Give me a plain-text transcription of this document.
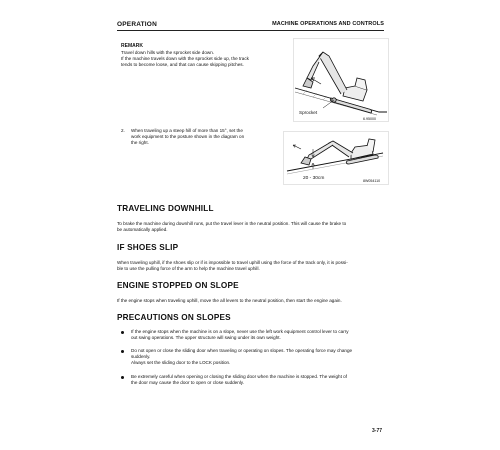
OPERATION	MACHINE OPERATIONS AND CONTROLS
REMARK
Travel down hills with the sprocket side down.
If the machine travels down with the sprocket side up, the track
tends to become loose, and that can cause skipping pitches.
Sprocket
6.95000
2. When traveling up a steep hill of more than 15°, set the
work equipment to the posture shown in the diagram on
the right.
20 - 30cm	8W054110
TRAVELING DOWNHILL
To brake the machine during downhill runs, put the travel lever in the neutral position. This will cause the brake to
be automatically applied.
IF SHOES SLIP
When traveling uphill, if the shoes slip or if is impossible to travel uphill using the force of the track only, it is possi-
ble to use the pulling force of the arm to help the machine travel uphill.
ENGINE STOPPED ON SLOPE
If the engine stops when traveling uphill, move the all levers to the neutral position, then start the engine again.
PRECAUTIONS ON SLOPES
If the engine stops when the machine is on a slope, never use the left work equipment control lever to carry
out swing operations. The upper structure will swing under its own weight.
Do not open or close the sliding door when traveling or operating on slopes. The operating force may change
suddenly.
Always set the sliding door to the LOCK position.
Be extremely careful when opening or closing the sliding door when the machine is stopped. The weight of
the door may cause the door to open or close suddenly.
3-77
